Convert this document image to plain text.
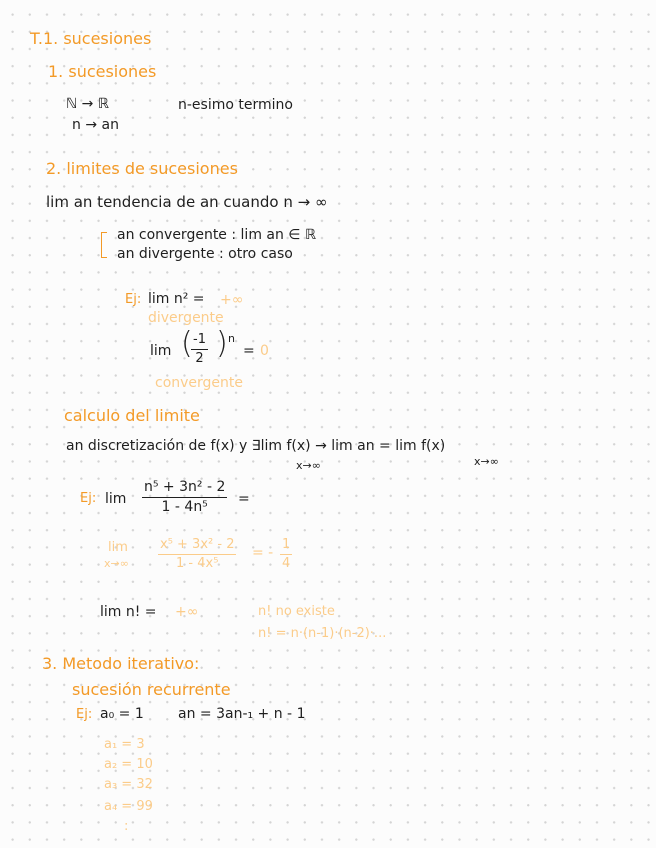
T.1. sucesiones
1. sucesiones
ℕ → ℝ
n → an
n-esimo termino
2. limites de sucesiones
lim an tendencia de an cuando n → ∞
an convergente : lim an ∈ ℝ
an divergente : otro caso
Ej: lim n² = +∞
divergente
lim (
$\frac{-1}{2}$ ) n
= 0
convergente
calculo del limite
an discretización de f(x) y ∃lim f(x) → lim an = lim f(x)
x→∞	x→∞
Ej: $\lim \frac{\text{n⁵ + 3n² - 2}}{\text{1 - 4n⁵}}$ =
lim
$x\to\infty \frac{\text{x⁵ + 3x² - 2}}{\text{1 - 4x⁵}}$ = - $\frac{1}{4}$
lim n! = +∞	n! no existe
n! = n·(n-1)·(n-2)·...
3. Metodo iterativo:
sucesión recurrente
Ej: a₀ = 1 an = 3an-₁ + n - 1
a₁ = 3
a₂ = 10
a₃ = 32
a₄ = 99
:
